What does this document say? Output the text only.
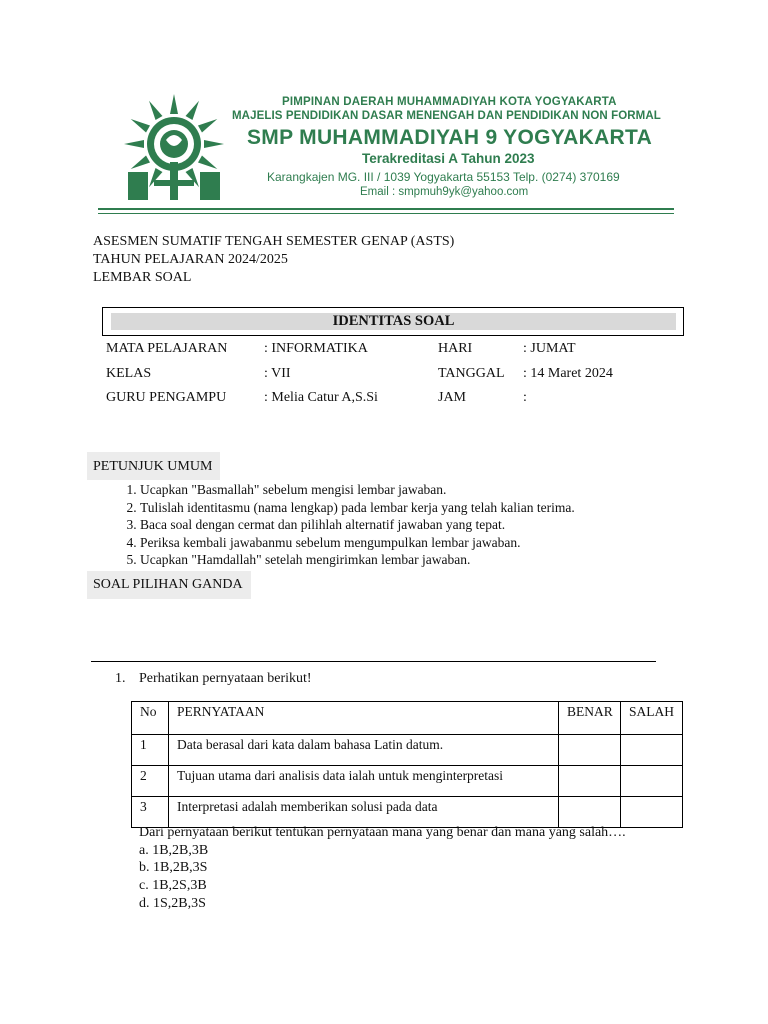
PIMPINAN DAERAH MUHAMMADIYAH KOTA YOGYAKARTA
MAJELIS PENDIDIKAN DASAR MENENGAH DAN PENDIDIKAN NON FORMAL
SMP MUHAMMADIYAH 9 YOGYAKARTA
Terakreditasi A Tahun 2023
Karangkajen MG. III / 1039 Yogyakarta 55153 Telp. (0274) 370169
Email : smpmuh9yk@yahoo.com
ASESMEN SUMATIF TENGAH SEMESTER GENAP (ASTS)
TAHUN PELAJARAN 2024/2025
LEMBAR SOAL
IDENTITAS SOAL
MATA PELAJARAN	: INFORMATIKA	HARI	: JUMAT
KELAS	: VII	TANGGAL : 14 Maret 2024
GURU PENGAMPU	: Melia Catur A,S.Si	JAM	:
PETUNJUK UMUM
1. Ucapkan "Basmallah" sebelum mengisi lembar jawaban.
2. Tulislah identitasmu (nama lengkap) pada lembar kerja yang telah kalian terima.
3. Baca soal dengan cermat dan pilihlah alternatif jawaban yang tepat.
4. Periksa kembali jawabanmu sebelum mengumpulkan lembar jawaban.
5. Ucapkan "Hamdallah" setelah mengirimkan lembar jawaban.
SOAL PILIHAN GANDA
1. Perhatikan pernyataan berikut!
No	PERNYATAAN	BENAR	SALAH
1	Data berasal dari kata dalam bahasa Latin datum.		
2	Tujuan utama dari analisis data ialah untuk menginterpretasi		
3	Interpretasi adalah memberikan solusi pada data		
Dari pernyataan berikut tentukan pernyataan mana yang benar dan mana yang salah….
a. 1B,2B,3B
b. 1B,2B,3S
c. 1B,2S,3B
d. 1S,2B,3S
